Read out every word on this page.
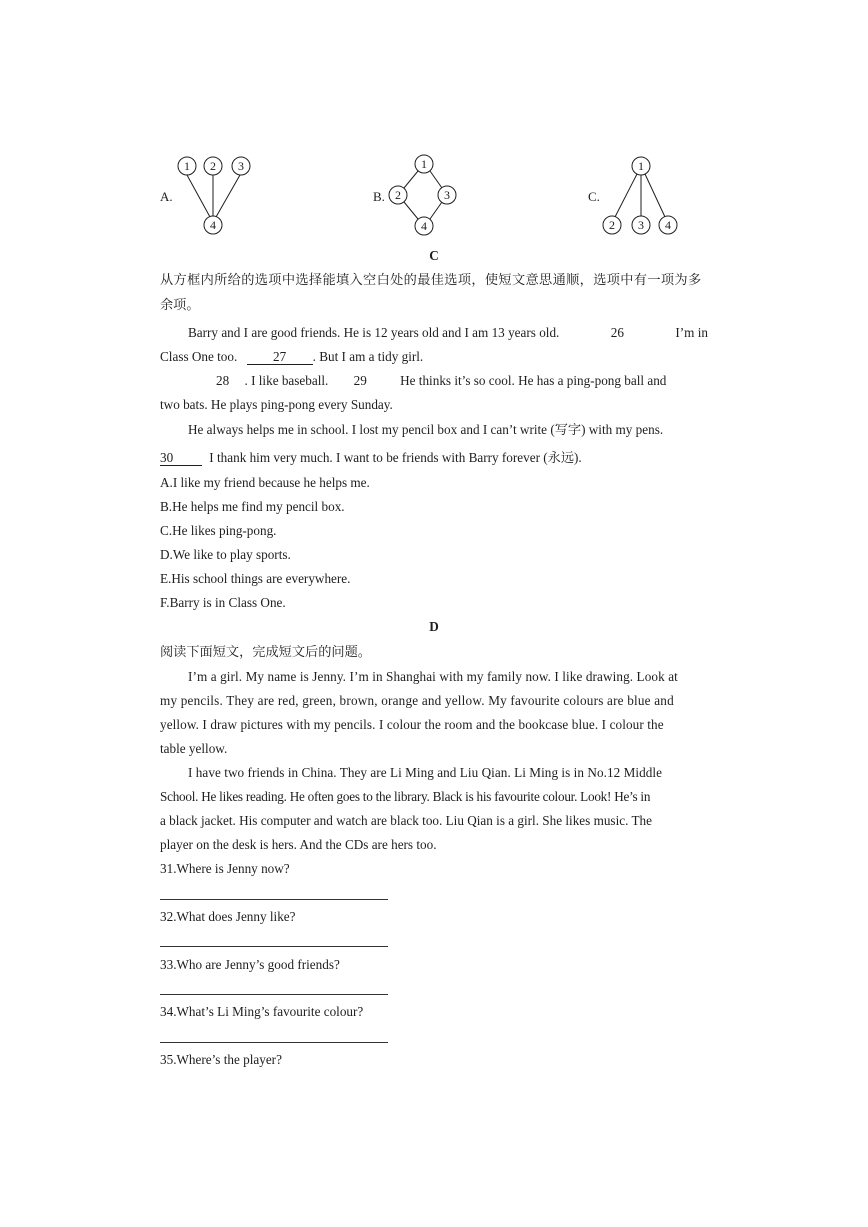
1 2 3
4
1
2	3
4
1
2 3 4
A.	B.	C.
C
从方框内所给的选项中选择能填入空白处的最佳选项，使短文意思通顺，选项中有一项为多
余项。
Barry and I are good friends. He is 12 years old and I am 13 years old.	26	I’m in
Class One too.	27 . But I am a tidy girl.
28 . I like baseball. 29	He thinks it’s so cool. He has a ping-pong ball and
two bats. He plays ping-pong every Sunday.
He always helps me in school. I lost my pencil box and I can’t write (写字) with my pens.
30	I thank him very much. I want to be friends with Barry forever (永远).
A.I like my friend because he helps me.
B.He helps me find my pencil box.
C.He likes ping-pong.
D.We like to play sports.
E.His school things are everywhere.
F.Barry is in Class One.
D
阅读下面短文，完成短文后的问题。
I’m a girl. My name is Jenny. I’m in Shanghai with my family now. I like drawing. Look at
my pencils. They are red, green, brown, orange and yellow. My favourite colours are blue and
yellow. I draw pictures with my pencils. I colour the room and the bookcase blue. I colour the
table yellow.
I have two friends in China. They are Li Ming and Liu Qian. Li Ming is in No.12 Middle
School. He likes reading. He often goes to the library. Black is his favourite colour. Look! He’s in
a black jacket. His computer and watch are black too. Liu Qian is a girl. She likes music. The
player on the desk is hers. And the CDs are hers too.
31.Where is Jenny now?
32.What does Jenny like?
33.Who are Jenny’s good friends?
34.What’s Li Ming’s favourite colour?
35.Where’s the player?
